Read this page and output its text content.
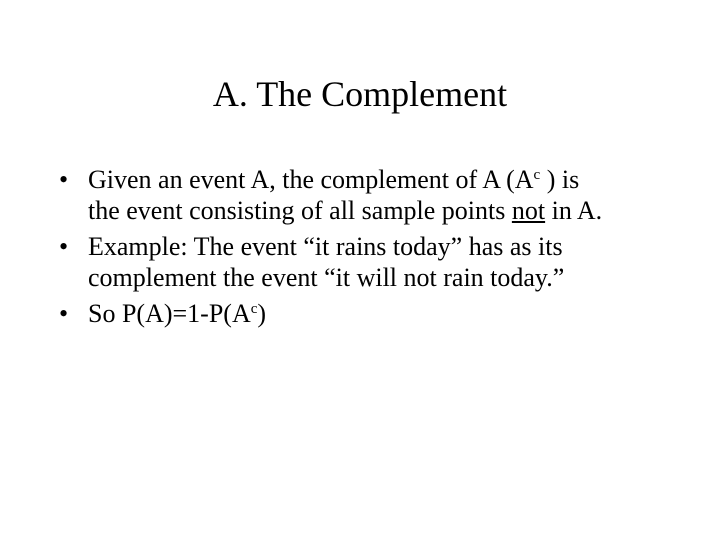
A. The Complement
• Given an event A, the complement of A ($A^c$ ) is
the event consisting of all sample points not in A.
• Example: The event “it rains today” has as its
complement the event “it will not rain today.”
• So $P(A)=1-P(A^c)$
